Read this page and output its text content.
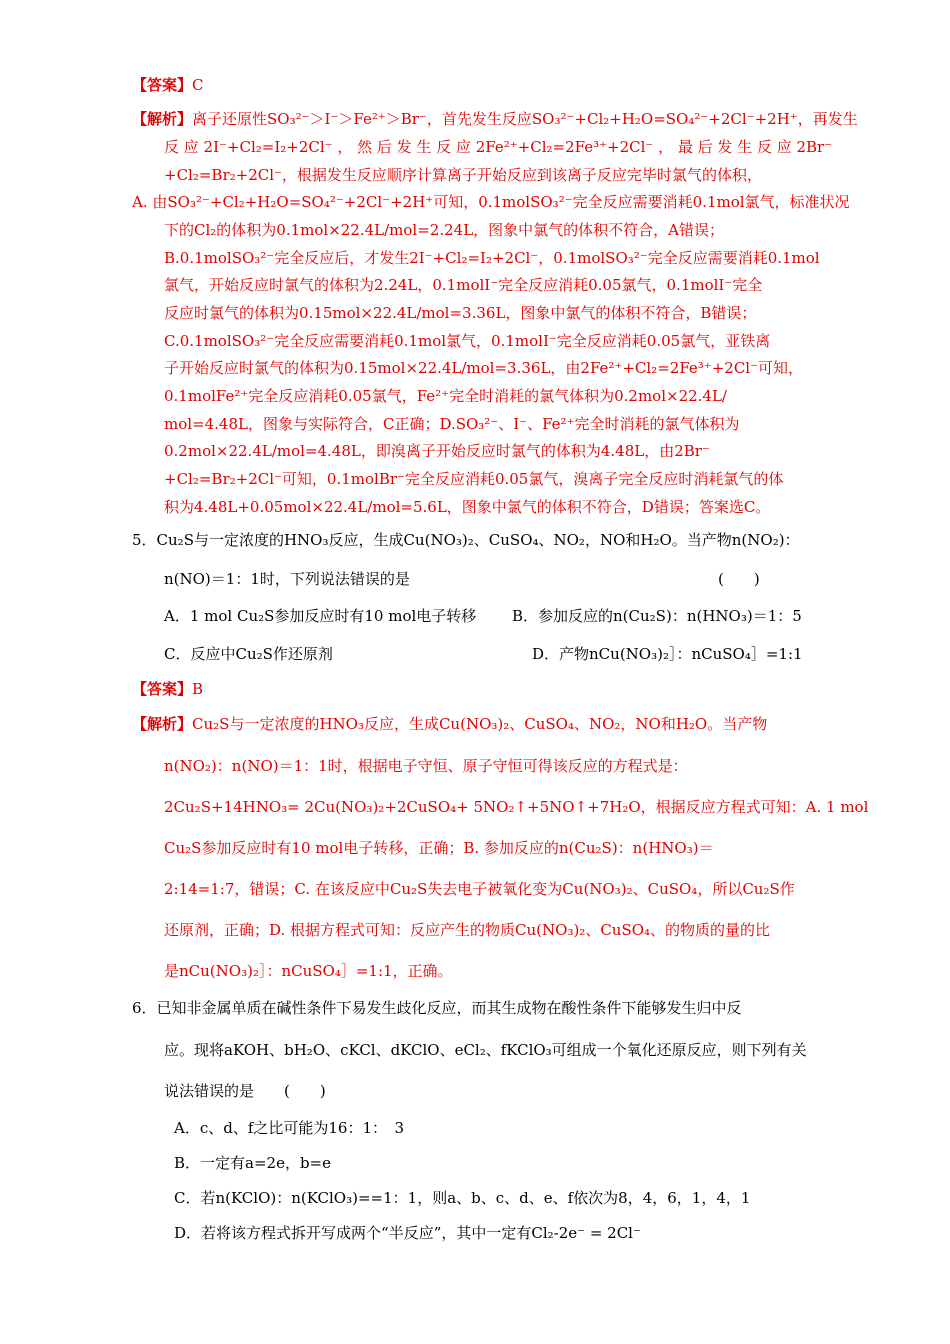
【答案】C
【解析】离子还原性SO₃²⁻＞I⁻＞Fe²⁺＞Br⁻，首先发生反应SO₃²⁻+Cl₂+H₂O=SO₄²⁻+2Cl⁻+2H⁺，再发生
反 应 2I⁻+Cl₂=I₂+2Cl⁻ ， 然 后 发 生 反 应 2Fe²⁺+Cl₂=2Fe³⁺+2Cl⁻ ， 最 后 发 生 反 应 2Br⁻
+Cl₂=Br₂+2Cl⁻，根据发生反应顺序计算离子开始反应到该离子反应完毕时氯气的体积，
A. 由SO₃²⁻+Cl₂+H₂O=SO₄²⁻+2Cl⁻+2H⁺可知，0.1molSO₃²⁻完全反应需要消耗0.1mol氯气，标准状况
下的Cl₂的体积为0.1mol×22.4L/mol=2.24L，图象中氯气的体积不符合，A错误；
B.0.1molSO₃²⁻完全反应后，才发生2I⁻+Cl₂=I₂+2Cl⁻，0.1molSO₃²⁻完全反应需要消耗0.1mol
氯气，开始反应时氯气的体积为2.24L，0.1molI⁻完全反应消耗0.05氯气，0.1molI⁻完全
反应时氯气的体积为0.15mol×22.4L/mol=3.36L，图象中氯气的体积不符合，B错误；
C.0.1molSO₃²⁻完全反应需要消耗0.1mol氯气，0.1molI⁻完全反应消耗0.05氯气，亚铁离
子开始反应时氯气的体积为0.15mol×22.4L/mol=3.36L，由2Fe²⁺+Cl₂=2Fe³⁺+2Cl⁻可知，
0.1molFe²⁺完全反应消耗0.05氯气，Fe²⁺完全时消耗的氯气体积为0.2mol×22.4L/
mol=4.48L，图象与实际符合，C正确；D.SO₃²⁻、I⁻、Fe²⁺完全时消耗的氯气体积为
0.2mol×22.4L/mol=4.48L，即溴离子开始反应时氯气的体积为4.48L，由2Br⁻
+Cl₂=Br₂+2Cl⁻可知，0.1molBr⁻完全反应消耗0.05氯气，溴离子完全反应时消耗氯气的体
积为4.48L+0.05mol×22.4L/mol=5.6L，图象中氯气的体积不符合，D错误；答案选C。
5．Cu₂S与一定浓度的HNO₃反应，生成Cu(NO₃)₂、CuSO₄、NO₂，NO和H₂O。当产物n(NO₂)：
n(NO)＝1：1时，下列说法错误的是	(　　)
A．1 mol Cu₂S参加反应时有10 mol电子转移 B．参加反应的n(Cu₂S)：n(HNO₃)＝1：5
C．反应中Cu₂S作还原剂	D．产物nCu(NO₃)₂］：nCuSO₄］=1:1
【答案】B
【解析】Cu₂S与一定浓度的HNO₃反应，生成Cu(NO₃)₂、CuSO₄、NO₂，NO和H₂O。当产物
n(NO₂)：n(NO)＝1：1时，根据电子守恒、原子守恒可得该反应的方程式是：
2Cu₂S+14HNO₃= 2Cu(NO₃)₂+2CuSO₄+ 5NO₂↑+5NO↑+7H₂O，根据反应方程式可知：A. 1 mol
Cu₂S参加反应时有10 mol电子转移，正确；B. 参加反应的n(Cu₂S)：n(HNO₃)＝
2:14=1:7，错误；C. 在该反应中Cu₂S失去电子被氧化变为Cu(NO₃)₂、CuSO₄，所以Cu₂S作
还原剂，正确；D. 根据方程式可知：反应产生的物质Cu(NO₃)₂、CuSO₄、的物质的量的比
是nCu(NO₃)₂］：nCuSO₄］=1:1，正确。
6．已知非金属单质在碱性条件下易发生歧化反应，而其生成物在酸性条件下能够发生归中反
应。现将aKOH、bH₂O、cKCl、dKClO、eCl₂、fKClO₃可组成一个氧化还原反应，则下列有关
说法错误的是　　(　　)
A．c、d、f之比可能为16：1：　3
B．一定有a=2e，b=e
C．若n(KClO)：n(KClO₃)==1：1，则a、b、c、d、e、f依次为8，4，6，1，4，1
D．若将该方程式拆开写成两个“半反应”，其中一定有Cl₂-2e⁻ = 2Cl⁻
